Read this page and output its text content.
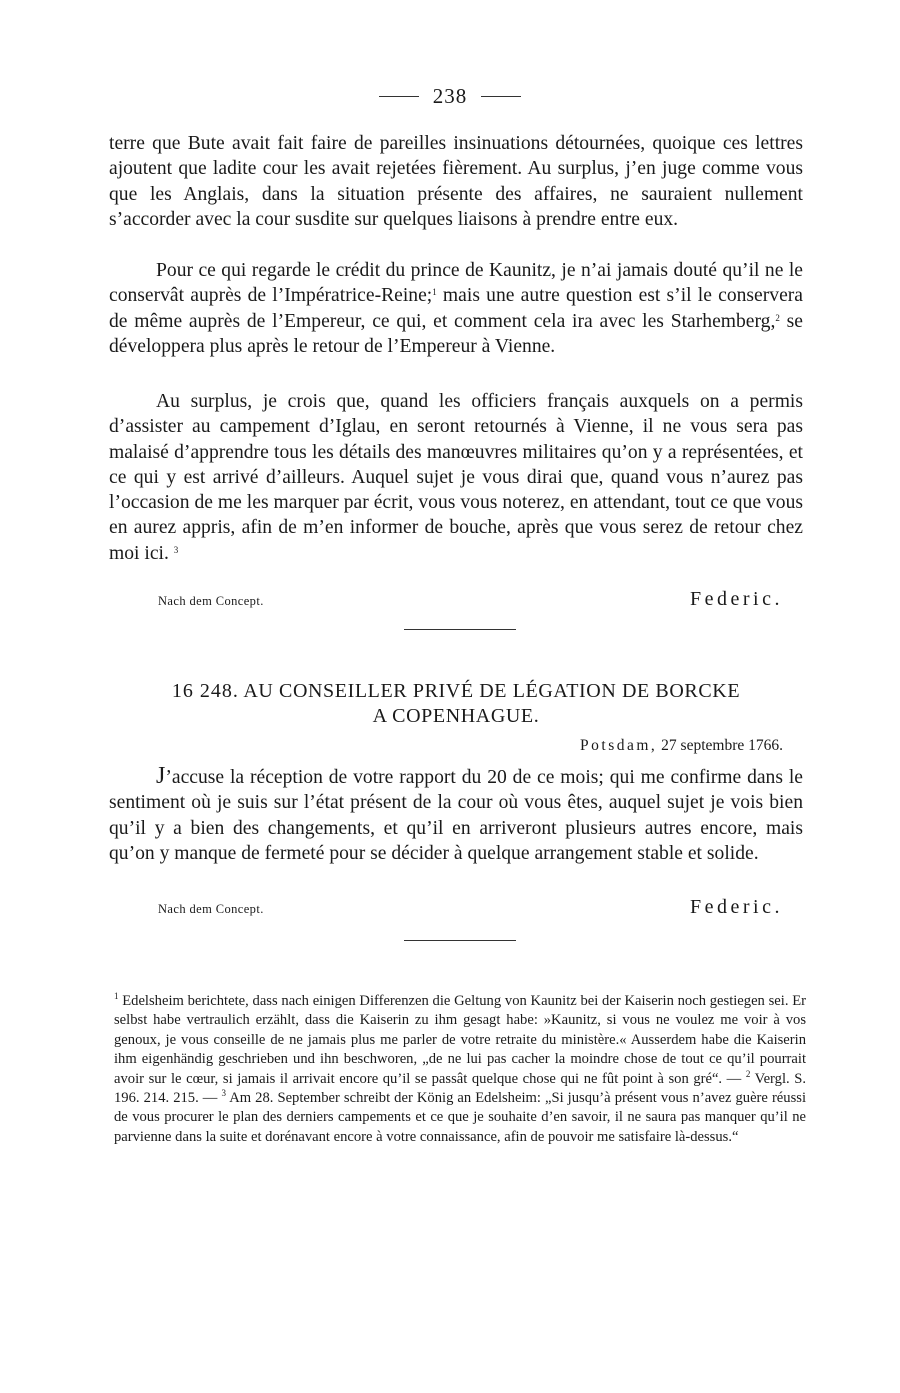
238
terre que Bute avait fait faire de pareilles insinuations détournées, quoique ces lettres ajoutent que ladite cour les avait rejetées fièrement. Au surplus, j’en juge comme vous que les Anglais, dans la situation présente des affaires, ne sauraient nullement s’accorder avec la cour susdite sur quelques liaisons à prendre entre eux.
Pour ce qui regarde le crédit du prince de Kaunitz, je n’ai jamais douté qu’il ne le conservât auprès de l’Impératrice-Reine;$^1$ mais une autre question est s’il le conservera de même auprès de l’Empereur, ce qui, et comment cela ira avec les Starhemberg,$^2$ se développera plus après le retour de l’Empereur à Vienne.
Au surplus, je crois que, quand les officiers français auxquels on a permis d’assister au campement d’Iglau, en seront retournés à Vienne, il ne vous sera pas malaisé d’apprendre tous les détails des manœuvres militaires qu’on y a représentées, et ce qui y est arrivé d’ailleurs. Auquel sujet je vous dirai que, quand vous n’aurez pas l’occasion de me les marquer par écrit, vous vous noterez, en attendant, tout ce que vous en aurez appris, afin de m’en informer de bouche, après que vous serez de retour chez moi ici. $^3$
Nach dem Concept.	Federic.
16 248. AU CONSEILLER PRIVÉ DE LÉGATION DE BORCKE
A COPENHAGUE.
Potsdam, 27 septembre 1766.
J’accuse la réception de votre rapport du 20 de ce mois; qui me confirme dans le sentiment où je suis sur l’état présent de la cour où vous êtes, auquel sujet je vois bien qu’il y a bien des changements, et qu’il en arriveront plusieurs autres encore, mais qu’on y manque de fermeté pour se décider à quelque arrangement stable et solide.
Nach dem Concept.	Federic.
$^1$ Edelsheim berichtete, dass nach einigen Differenzen die Geltung von Kaunitz bei der Kaiserin noch gestiegen sei. Er selbst habe vertraulich erzählt, dass die Kaiserin zu ihm gesagt habe: »Kaunitz, si vous ne voulez me voir à vos genoux, je vous conseille de ne jamais plus me parler de votre retraite du ministère.« Ausserdem habe die Kaiserin ihm eigenhändig geschrieben und ihn beschworen, „de ne lui pas cacher la moindre chose de tout ce qu’il pourrait avoir sur le cœur, si jamais il arrivait encore qu’il se passât quelque chose qui ne fût point à son gré“. — $^2$ Vergl. S. 196. 214. 215. — $^3$ Am 28. September schreibt der König an Edelsheim: „Si jusqu’à présent vous n’avez guère réussi de vous procurer le plan des derniers campements et ce que je souhaite d’en savoir, il ne saura pas manquer qu’il ne parvienne dans la suite et dorénavant encore à votre connaissance, afin de pouvoir me satisfaire là-dessus.“
